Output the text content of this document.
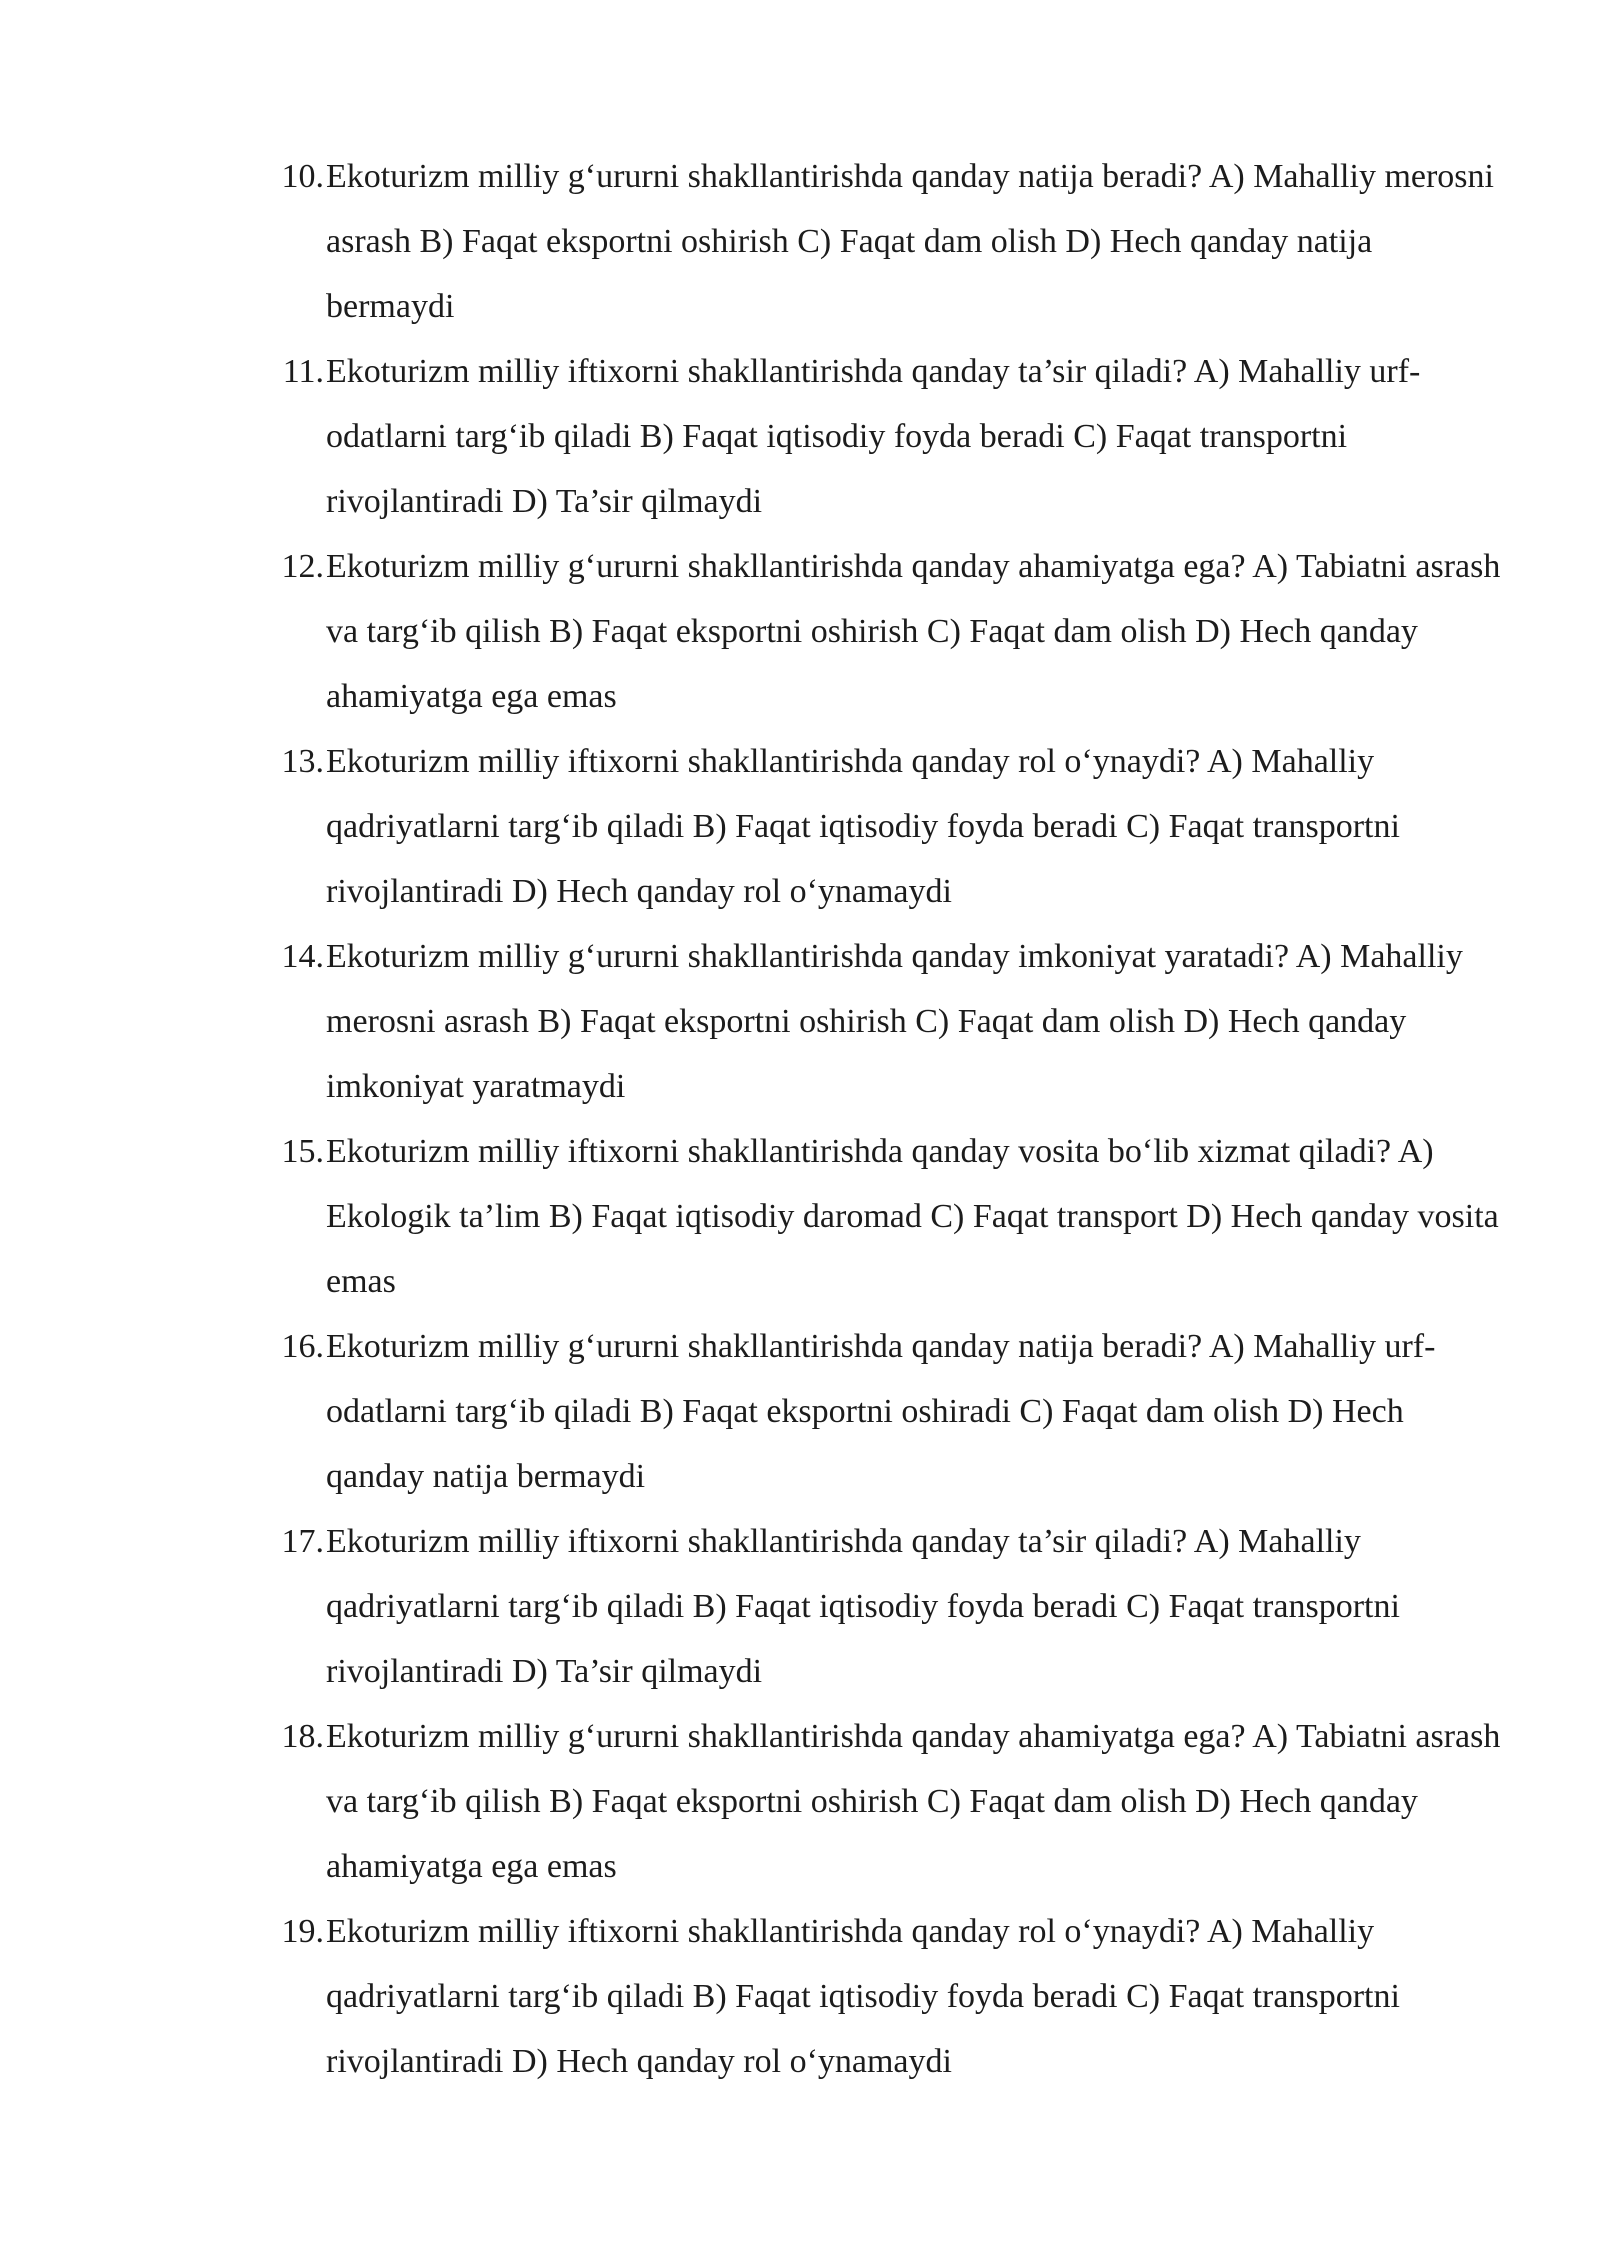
10. Ekoturizm milliy g‘ururni shakllantirishda qanday natija beradi? A) Mahalliy merosni asrash B) Faqat eksportni oshirish C) Faqat dam olish D) Hech qanday natija bermaydi
11. Ekoturizm milliy iftixorni shakllantirishda qanday ta’sir qiladi? A) Mahalliy urf-odatlarni targ‘ib qiladi B) Faqat iqtisodiy foyda beradi C) Faqat transportni rivojlantiradi D) Ta’sir qilmaydi
12. Ekoturizm milliy g‘ururni shakllantirishda qanday ahamiyatga ega? A) Tabiatni asrash va targ‘ib qilish B) Faqat eksportni oshirish C) Faqat dam olish D) Hech qanday ahamiyatga ega emas
13. Ekoturizm milliy iftixorni shakllantirishda qanday rol o‘ynaydi? A) Mahalliy qadriyatlarni targ‘ib qiladi B) Faqat iqtisodiy foyda beradi C) Faqat transportni rivojlantiradi D) Hech qanday rol o‘ynamaydi
14. Ekoturizm milliy g‘ururni shakllantirishda qanday imkoniyat yaratadi? A) Mahalliy merosni asrash B) Faqat eksportni oshirish C) Faqat dam olish D) Hech qanday imkoniyat yaratmaydi
15. Ekoturizm milliy iftixorni shakllantirishda qanday vosita bo‘lib xizmat qiladi? A) Ekologik ta’lim B) Faqat iqtisodiy daromad C) Faqat transport D) Hech qanday vosita emas
16. Ekoturizm milliy g‘ururni shakllantirishda qanday natija beradi? A) Mahalliy urf-odatlarni targ‘ib qiladi B) Faqat eksportni oshiradi C) Faqat dam olish D) Hech qanday natija bermaydi
17. Ekoturizm milliy iftixorni shakllantirishda qanday ta’sir qiladi? A) Mahalliy qadriyatlarni targ‘ib qiladi B) Faqat iqtisodiy foyda beradi C) Faqat transportni rivojlantiradi D) Ta’sir qilmaydi
18. Ekoturizm milliy g‘ururni shakllantirishda qanday ahamiyatga ega? A) Tabiatni asrash va targ‘ib qilish B) Faqat eksportni oshirish C) Faqat dam olish D) Hech qanday ahamiyatga ega emas
19. Ekoturizm milliy iftixorni shakllantirishda qanday rol o‘ynaydi? A) Mahalliy qadriyatlarni targ‘ib qiladi B) Faqat iqtisodiy foyda beradi C) Faqat transportni rivojlantiradi D) Hech qanday rol o‘ynamaydi
